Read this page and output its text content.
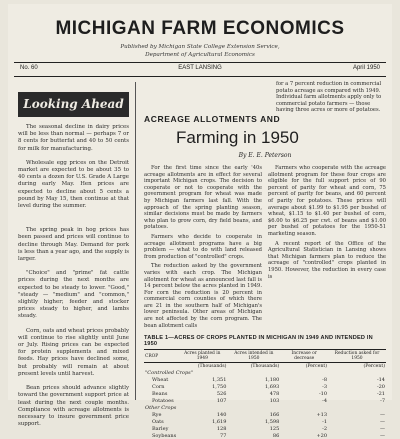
MICHIGAN FARM ECONOMICS
Published by Michigan State College Extension Service,
Department of Agricultural Economics
No. 60	EAST LANSING	April 1950
Looking Ahead

The seasonal decline in dairy prices will be less than normal — perhaps 7 or 8 cents for butterfat and 40 to 50 cents for milk for manufacturing.

Wholesale egg prices on the Detroit market are expected to be about 35 to 40 cents a dozen for U.S. Grade A Large during early May. Hen prices are expected to decline about 5 cents a pound by May 15, then continue at that level during the summer.

The spring peak in hog prices has been passed and prices will continue to decline through May. Demand for pork is less than a year ago, and the supply is larger.

"Choice" and "prime" fat cattle prices during the next months are expected to be steady to lower. "Good," "steady — "medium" and "common," slightly higher; feeder and stocker prices steady to higher, and lambs steady.

Corn, oats and wheat prices probably will continue to rise slightly until June or July. Rising prices can be expected for protein supplements and mixed feeds. Hay prices have declined some, but probably will remain at about present levels until harvest.

Bean prices should advance slightly toward the government support price at least during the next couple months. Compliance with acreage allotments is necessary to insure government price support.

for a 7 percent reduction in commercial potato acreage as compared with 1949. Individual farm allotments apply only to commercial potato farmers — those having three acres or more of potatoes.

ACREAGE ALLOTMENTS AND
Farming in 1950
By E. E. Peterson

For the first time since the early '40s acreage allotments are in effect for several important Michigan crops. The decision to cooperate or not to cooperate with the government program for wheat was made by Michigan farmers last fall. With the approach of the spring planting season, similar decisions must be made by farmers who plan to grow corn, dry field beans, and potatoes.

Farmers who decide to cooperate in acreage allotment programs have a big problem — what to do with land released from production of "controlled" crops.

The reduction asked by the government varies with each crop. The Michigan allotment for wheat as announced last fall is 14 percent below the acres planted in 1949. For corn the reduction is 20 percent in commercial corn counties of which there are 21 in the southern half of Michigan's lower peninsula. Other areas of Michigan are not affected by the corn program. The bean allotment calls

Farmers who cooperate with the acreage allotment program for these four crops are eligible for the full support price of 90 percent of parity for wheat and corn, 75 percent of parity for beans, and 60 percent of parity for potatoes. These prices will average about $1.99 to $1.95 per bushel of wheat, $1.15 to $1.40 per bushel of corn, $6.00 to $6.25 per cwt. of beans and $1.00 per bushel of potatoes for the 1950-51 marketing season.

A recent report of the Office of the Agricultural Statistician in Lansing shows that Michigan farmers plan to reduce the acreage of "controlled" crops planted in 1950. However, the reduction in every case is

TABLE 1—ACRES OF CROPS PLANTED IN MICHIGAN IN 1949 AND INTENDED IN 1950
CROP	Acres planted in 1949	Acres intended in 1950	Increase or decrease	Reduction asked for 1950
	(Thousands)	(Thousands)	(Percent)	(Percent)
"Controlled Crops"				
Wheat	1,351	1,180	-8	-14
Corn	1,750	1,693	-3	-20
Beans	526	478	-10	-21
Potatoes	107	103	-4	-7
Other Crops				
Rye	140	166	+13	—
Oats	1,619	1,598	-1	—
Barley	128	125	-2	—
Soybeans	77	86	+20	—
